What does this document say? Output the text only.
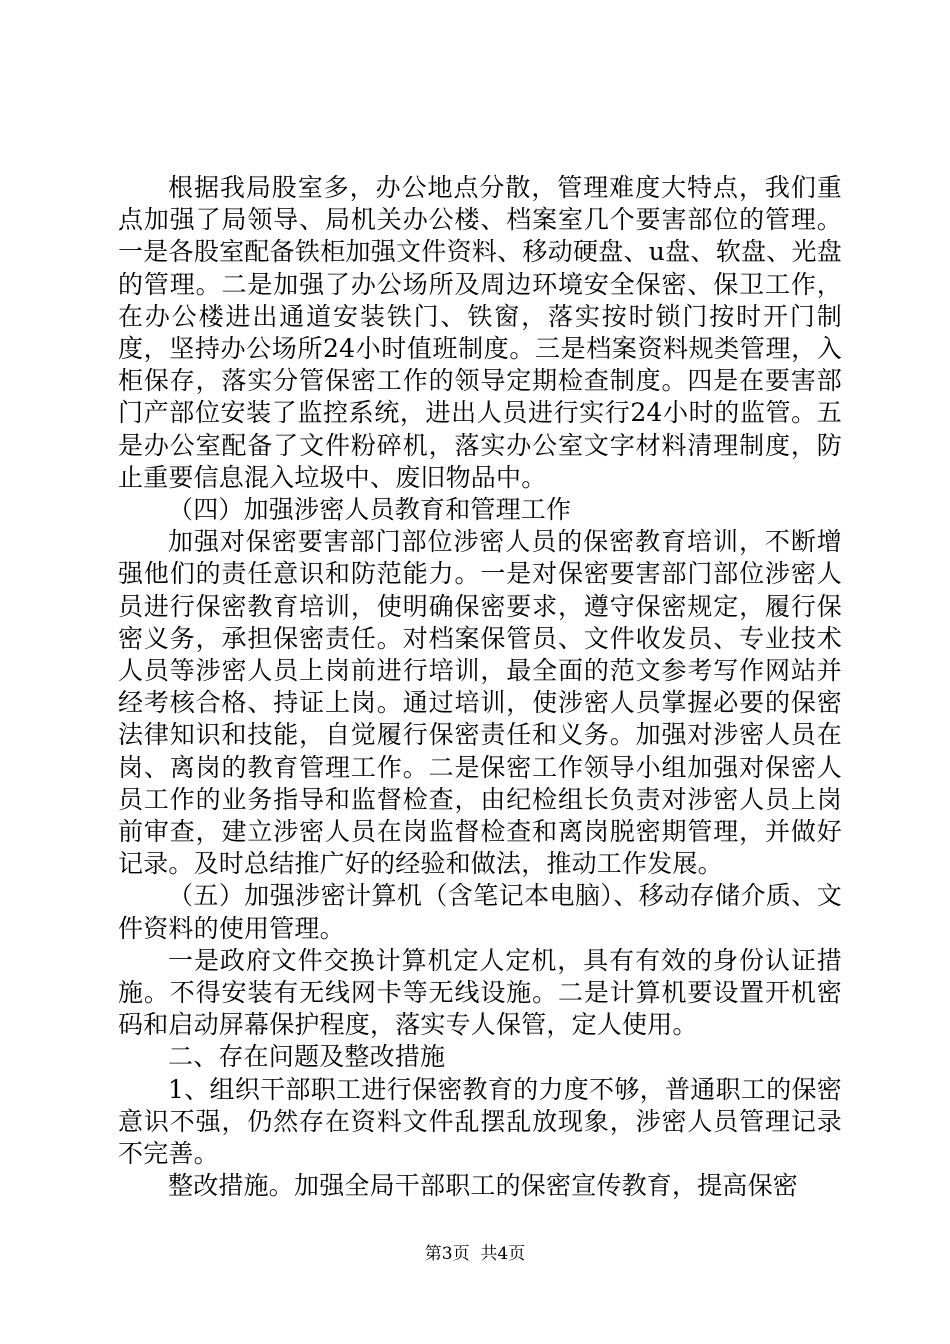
根据我局股室多，办公地点分散，管理难度大特点，我们重点加强了局领导、局机关办公楼、档案室几个要害部位的管理。一是各股室配备铁柜加强文件资料、移动硬盘、u盘、软盘、光盘的管理。二是加强了办公场所及周边环境安全保密、保卫工作，在办公楼进出通道安装铁门、铁窗，落实按时锁门按时开门制度，坚持办公场所24小时值班制度。三是档案资料规类管理，入柜保存，落实分管保密工作的领导定期检查制度。四是在要害部门产部位安装了监控系统，进出人员进行实行24小时的监管。五是办公室配备了文件粉碎机，落实办公室文字材料清理制度，防止重要信息混入垃圾中、废旧物品中。

（四）加强涉密人员教育和管理工作

加强对保密要害部门部位涉密人员的保密教育培训，不断增强他们的责任意识和防范能力。一是对保密要害部门部位涉密人员进行保密教育培训，使明确保密要求，遵守保密规定，履行保密义务，承担保密责任。对档案保管员、文件收发员、专业技术人员等涉密人员上岗前进行培训，最全面的范文参考写作网站并经考核合格、持证上岗。通过培训，使涉密人员掌握必要的保密法律知识和技能，自觉履行保密责任和义务。加强对涉密人员在岗、离岗的教育管理工作。二是保密工作领导小组加强对保密人员工作的业务指导和监督检查，由纪检组长负责对涉密人员上岗前审查，建立涉密人员在岗监督检查和离岗脱密期管理，并做好记录。及时总结推广好的经验和做法，推动工作发展。

（五）加强涉密计算机（含笔记本电脑）、移动存储介质、文件资料的使用管理。

一是政府文件交换计算机定人定机，具有有效的身份认证措施。不得安装有无线网卡等无线设施。二是计算机要设置开机密码和启动屏幕保护程度，落实专人保管，定人使用。

二、存在问题及整改措施

1、组织干部职工进行保密教育的力度不够，普通职工的保密意识不强，仍然存在资料文件乱摆乱放现象，涉密人员管理记录不完善。

整改措施。加强全局干部职工的保密宣传教育，提高保密

第3页 共4页
